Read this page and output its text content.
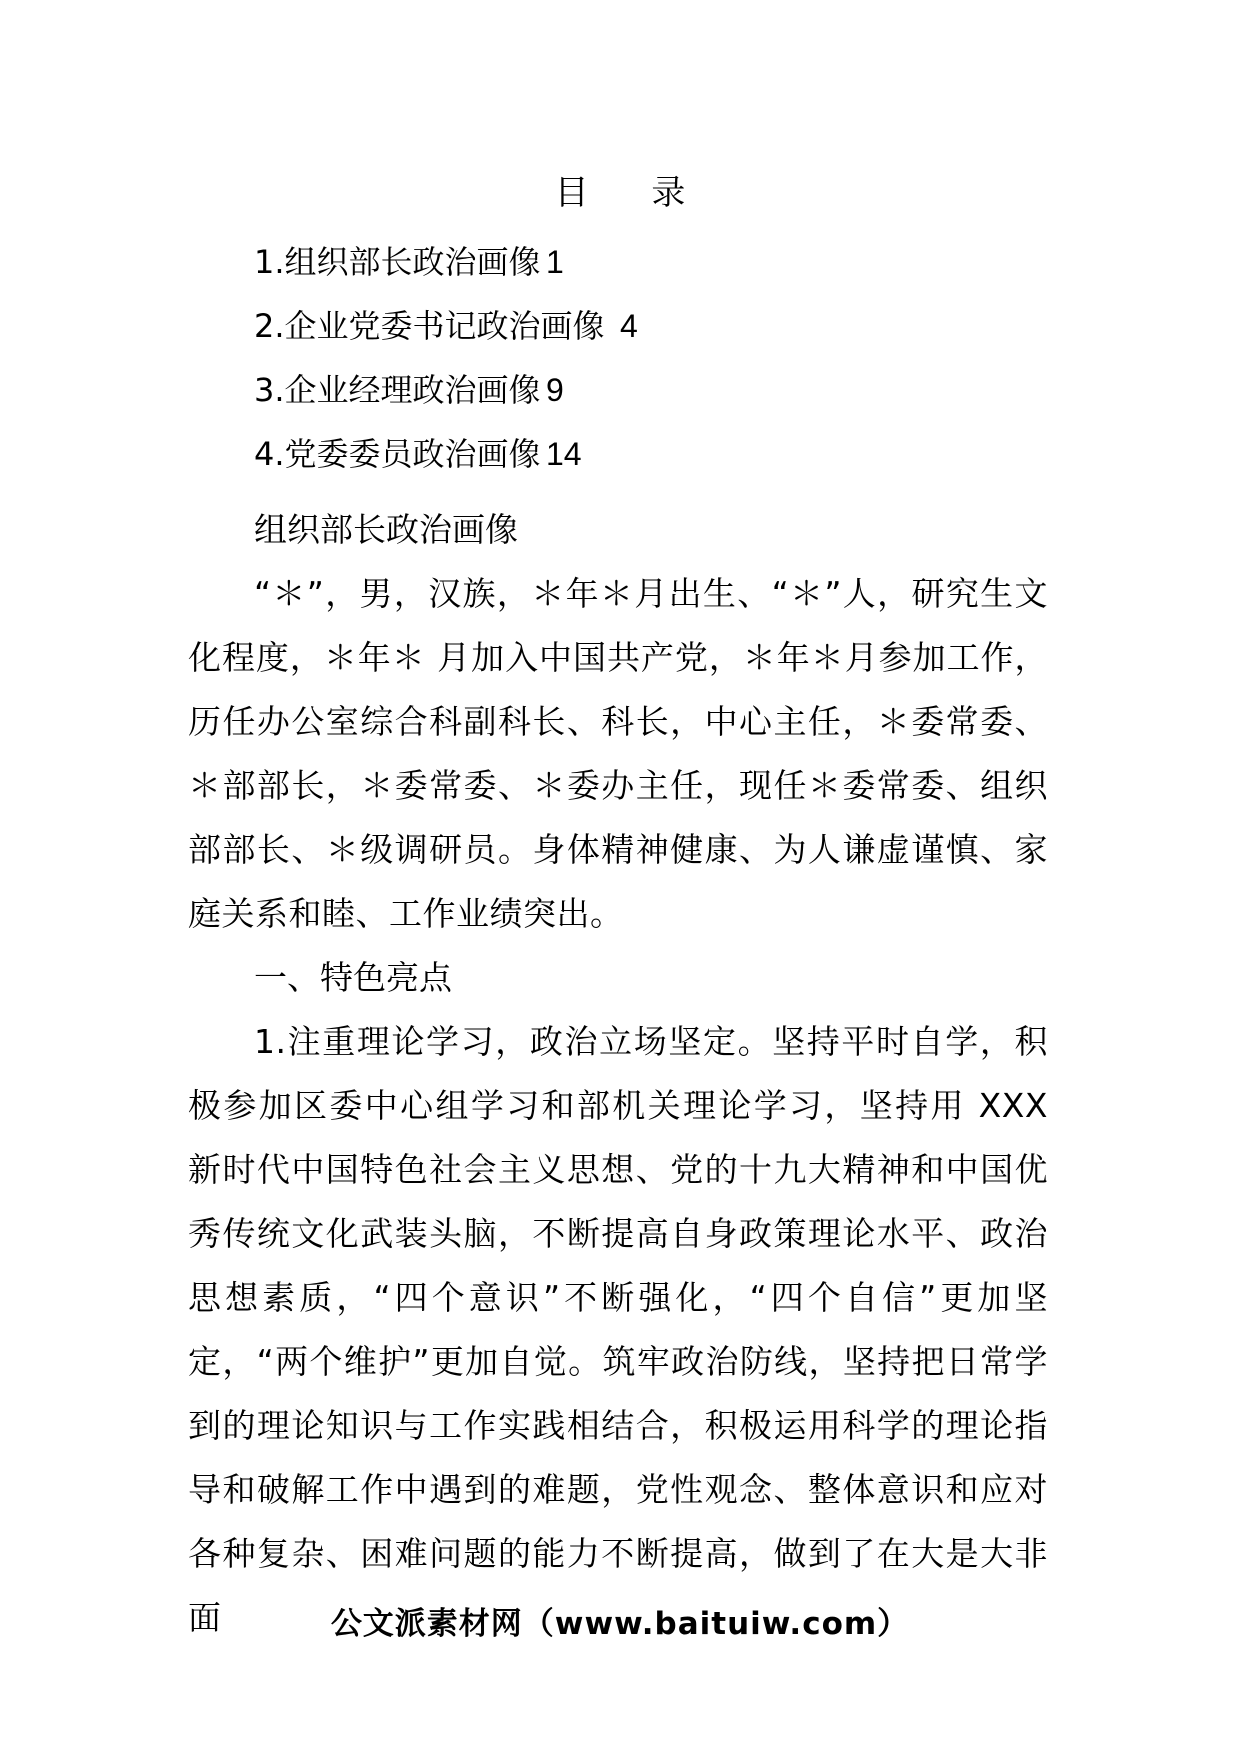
目 录
1.组织部长政治画像 1
2.企业党委书记政治画像 4
3.企业经理政治画像 9
4.党委委员政治画像 14

组织部长政治画像

“＊”，男，汉族，＊年＊月出生、“＊”人，研究生文化程度，＊年＊ 月加入中国共产党，＊年＊月参加工作，历任办公室综合科副科长、科长，中心主任，＊委常委、＊部部长，＊委常委、＊委办主任，现任＊委常委、组织部部长、＊级调研员。身体精神健康、为人谦虚谨慎、家庭关系和睦、工作业绩突出。

一、特色亮点

1.注重理论学习，政治立场坚定。坚持平时自学，积极参加区委中心组学习和部机关理论学习，坚持用 XXX 新时代中国特色社会主义思想、党的十九大精神和中国优秀传统文化武装头脑，不断提高自身政策理论水平、政治思想素质，“四个意识”不断强化，“四个自信”更加坚定，“两个维护”更加自觉。筑牢政治防线，坚持把日常学到的理论知识与工作实践相结合，积极运用科学的理论指导和破解工作中遇到的难题，党性观念、整体意识和应对各种复杂、困难问题的能力不断提高，做到了在大是大非面	公文派素材网（www.baituiw.com）
